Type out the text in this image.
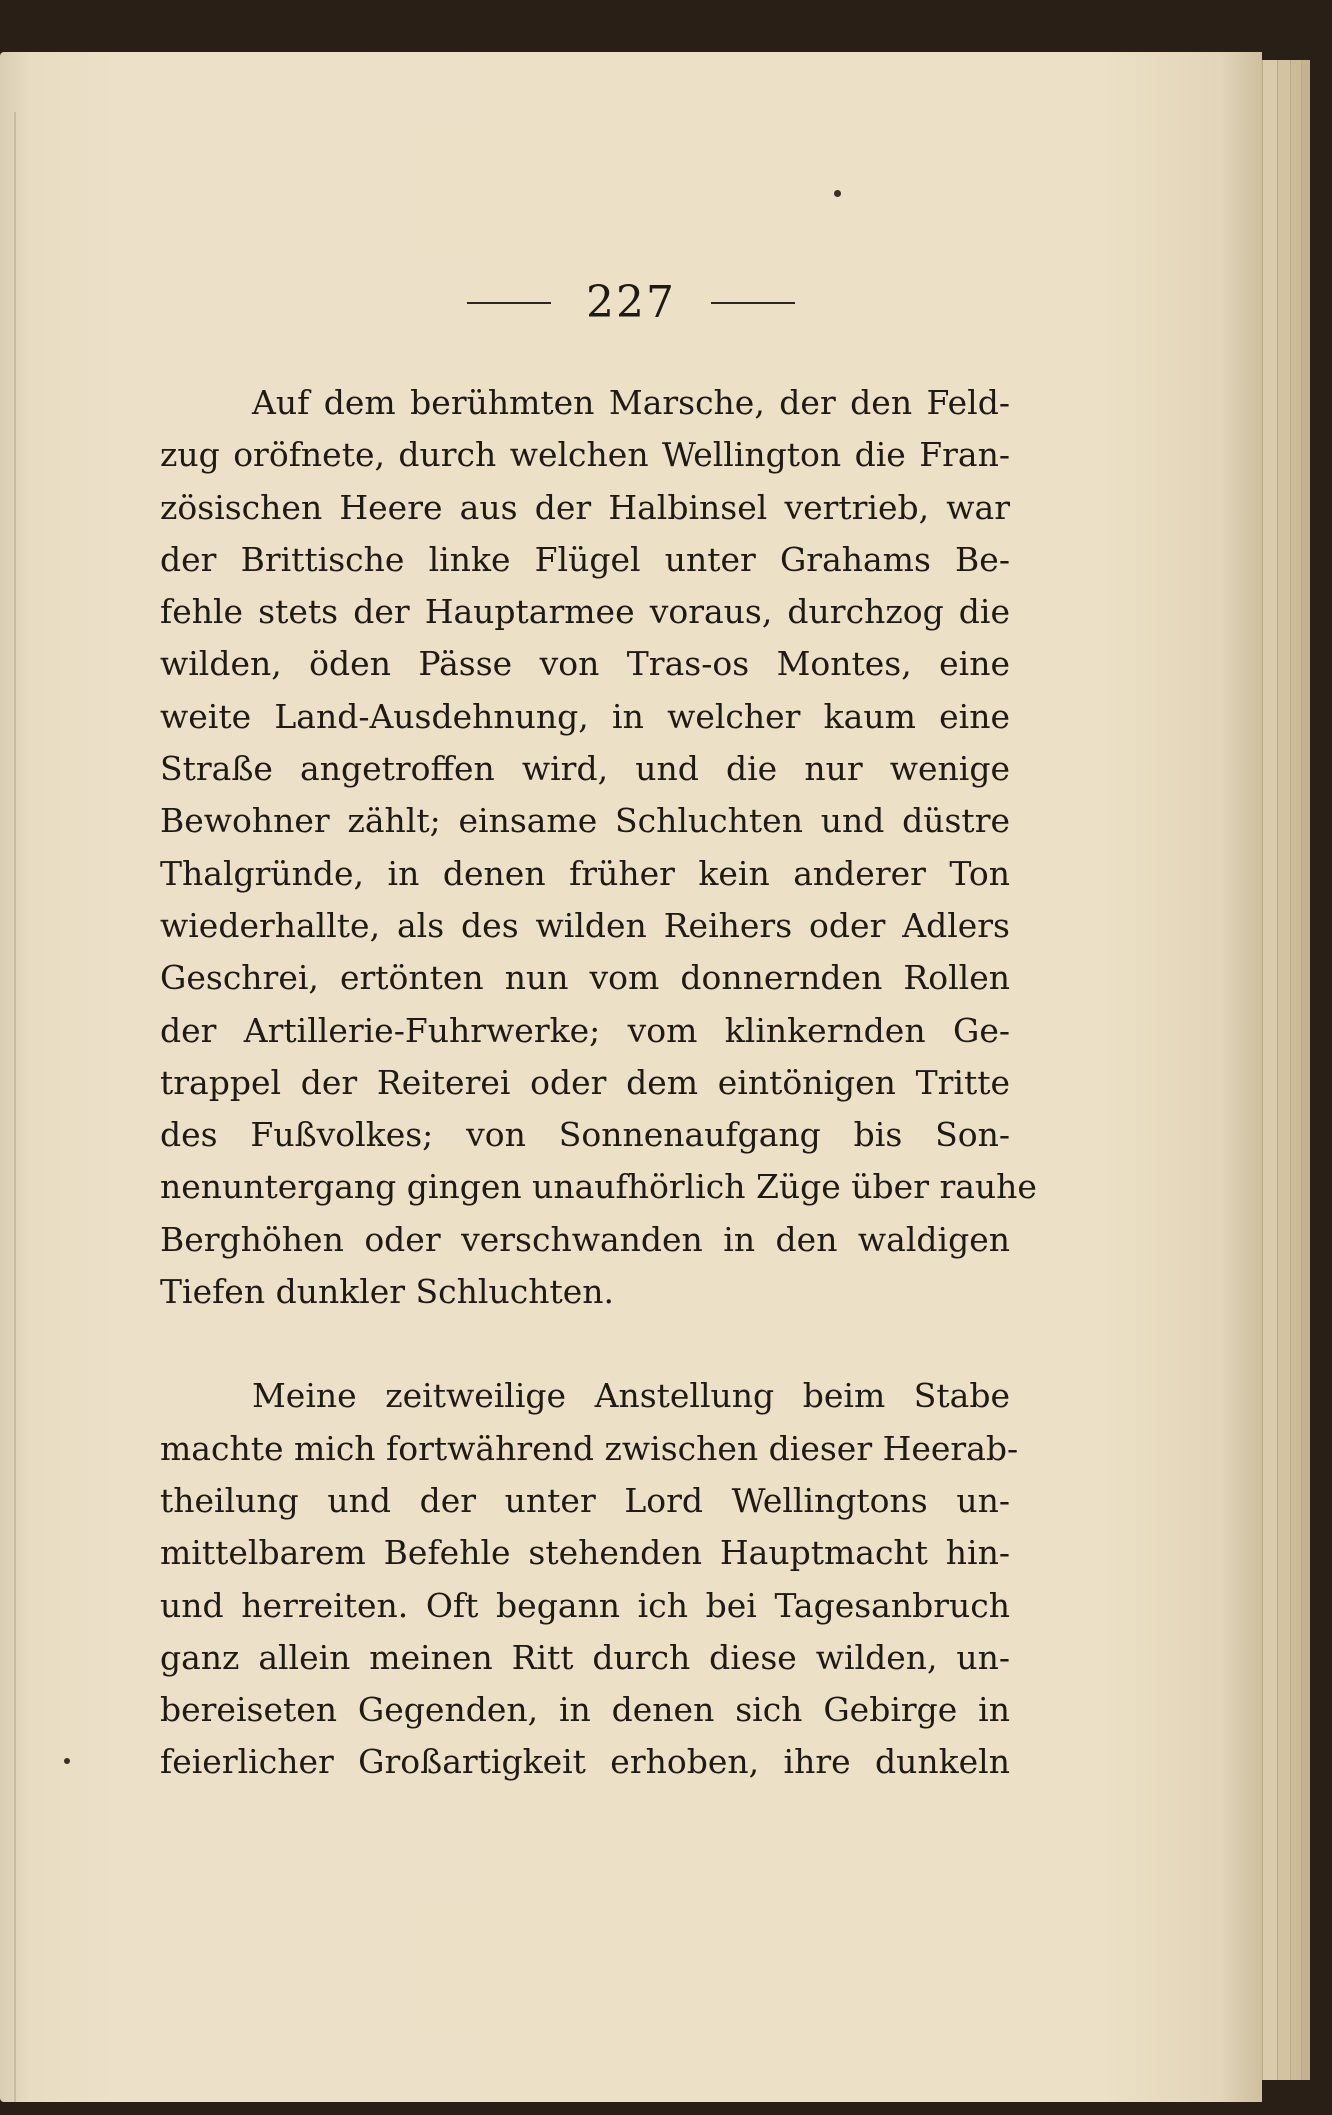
227
Auf dem berühmten Marsche, der den Feld-
zug oröfnete, durch welchen Wellington die Fran-
zösischen Heere aus der Halbinsel vertrieb, war
der Brittische linke Flügel unter Grahams Be-
fehle stets der Hauptarmee voraus, durchzog die
wilden, öden Pässe von Tras-os Montes, eine
weite Land-Ausdehnung, in welcher kaum eine
Straße angetroffen wird, und die nur wenige
Bewohner zählt; einsame Schluchten und düstre
Thalgründe, in denen früher kein anderer Ton
wiederhallte, als des wilden Reihers oder Adlers
Geschrei, ertönten nun vom donnernden Rollen
der Artillerie-Fuhrwerke; vom klinkernden Ge-
trappel der Reiterei oder dem eintönigen Tritte
des Fußvolkes; von Sonnenaufgang bis Son-
nenuntergang gingen unaufhörlich Züge über rauhe
Berghöhen oder verschwanden in den waldigen
Tiefen dunkler Schluchten.
Meine zeitweilige Anstellung beim Stabe
machte mich fortwährend zwischen dieser Heerab-
theilung und der unter Lord Wellingtons un-
mittelbarem Befehle stehenden Hauptmacht hin-
und herreiten. Oft begann ich bei Tagesanbruch
ganz allein meinen Ritt durch diese wilden, un-
bereiseten Gegenden, in denen sich Gebirge in
feierlicher Großartigkeit erhoben, ihre dunkeln
